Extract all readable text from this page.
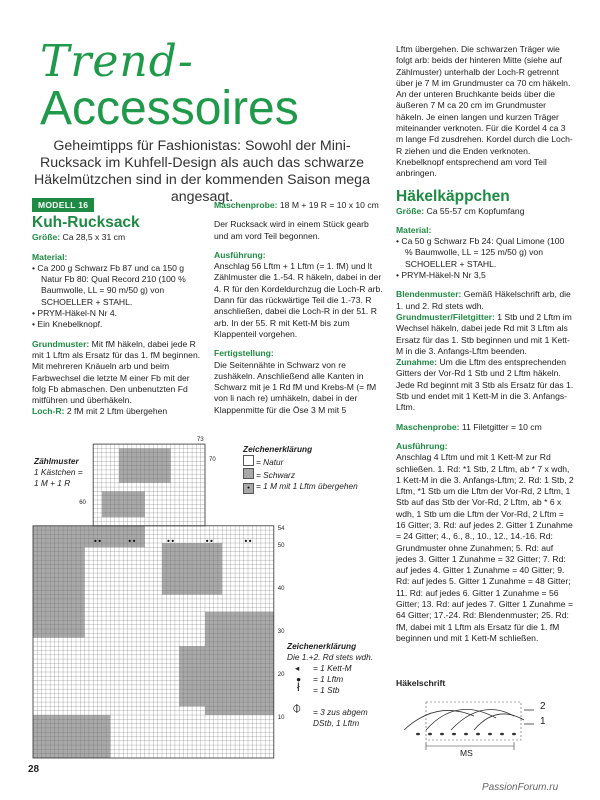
Trend-
Accessoires
Geheimtipps für Fashionistas: Sowohl der Mini-Rucksack im Kuhfell-Design als auch das schwarze Häkelmützchen sind in der kommenden Saison mega angesagt.
MODELL 16
Kuh-Rucksack

Größe: Ca 28,5 x 31 cm

Material:

• Ca 200 g Schwarz Fb 87 und ca 150 g Natur Fb 80: Qual Record 210 (100 % Baumwolle, LL = 90 m/50 g) von SCHOELLER + STAHL.

• PRYM-Häkel-N Nr 4.

• Ein Knebelknopf.

Grundmuster: Mit fM häkeln, dabei jede R mit 1 Lftm als Ersatz für das 1. fM beginnen. Mit mehreren Knäueln arb und beim Farbwechsel die letzte M einer Fb mit der folg Fb abmaschen. Den unbenutzten Fd mitführen und überhäkeln.

Loch-R: 2 fM mit 2 Lftm übergehen

Maschenprobe: 18 M + 19 R = 10 x 10 cm

Der Rucksack wird in einem Stück gearb und am vord Teil begonnen.

Ausführung:

Anschlag 56 Lftm + 1 Lftm (= 1. fM) und lt Zählmuster die 1.-54. R häkeln, dabei in der 4. R für den Kordeldurchzug die Loch-R arb. Dann für das rückwärtige Teil die 1.-73. R anschließen, dabei die Loch-R in der 51. R arb. In der 55. R mit Kett-M bis zum Klappenteil vorgehen.

Fertigstellung:

Die Seitennähte in Schwarz von re zushäkeln. Anschließend alle Kanten in Schwarz mit je 1 Rd fM und Krebs-M (= fM von li nach re) umhäkeln, dabei in der Klappenmitte für die Öse 3 M mit 5

Lftm übergehen. Die schwarzen Träger wie folgt arb: beids der hinteren Mitte (siehe auf Zählmuster) unterhalb der Loch-R getrennt über je 7 M im Grundmuster ca 70 cm häkeln. An der unteren Bruchkante beids über die äußeren 7 M ca 20 cm im Grundmuster häkeln. Je einen langen und kurzen Träger miteinander verknoten. Für die Kordel 4 ca 3 m lange Fd zusdrehen. Kordel durch die Loch-R ziehen und die Enden verknoten. Knebelknopf entsprechend am vord Teil anbringen.

Häkelkäppchen

Größe: Ca 55-57 cm Kopfumfang

Material:

• Ca 50 g Schwarz Fb 24: Qual Limone (100 % Baumwolle, LL = 125 m/50 g) von SCHOELLER + STAHL.

• PRYM-Häkel-N Nr 3,5

Blendenmuster: Gemäß Häkelschrift arb, die 1. und 2. Rd stets wdh.

Grundmuster/Filetgitter: 1 Stb und 2 Lftm im Wechsel häkeln, dabei jede Rd mit 3 Lftm als Ersatz für das 1. Stb beginnen und mit 1 Kett-M in die 3. Anfangs-Lftm beenden.

Zunahme: Um die Lftm des entsprechenden Gitters der Vor-Rd 1 Stb und 2 Lftm häkeln. Jede Rd beginnt mit 3 Stb als Ersatz für das 1. Stb und endet mit 1 Kett-M in die 3. Anfangs-Lftm.

Maschenprobe: 11 Filetgitter = 10 cm

Ausführung:

Anschlag 4 Lftm und mit 1 Kett-M zur Rd schließen. 1. Rd: *1 Stb, 2 Lftm, ab * 7 x wdh, 1 Kett-M in die 3. Anfangs-Lftm; 2. Rd: 1 Stb, 2 Lftm, *1 Stb um die Lftm der Vor-Rd, 2 Lftm, 1 Stb auf das Stb der Vor-Rd, 2 Lftm, ab * 6 x wdh, 1 Stb um die Lftm der Vor-Rd, 2 Lftm = 16 Gitter; 3. Rd: auf jedes 2. Gitter 1 Zunahme = 24 Gitter; 4., 6., 8., 10., 12., 14.-16. Rd: Grundmuster ohne Zunahmen; 5. Rd: auf jedes 3. Gitter 1 Zunahme = 32 Gitter; 7. Rd: auf jedes 4. Gitter 1 Zunahme = 40 Gitter; 9. Rd: auf jedes 5. Gitter 1 Zunahme = 48 Gitter; 11. Rd: auf jedes 6. Gitter 1 Zunahme = 56 Gitter; 13. Rd: auf jedes 7. Gitter 1 Zunahme = 64 Gitter; 17.-24. Rd: Blendenmuster; 25. Rd: fM, dabei mit 1 Lftm als Ersatz für die 1. fM beginnen und mit 1 Kett-M schließen.

Häkelschrift
2
1
MS
Zählmuster
1 Kästchen =
1 M + 1 R
73
70
60
54
50
40
30
20
10
Zeichenerklärung
= Natur
= Schwarz
• = 1 M mit 1 Lftm übergehen
Zeichenerklärung
Die 1.+2. Rd stets wdh.
◂ = 1 Kett-M
● = 1 Lftm
ł = 1 Stb
⌽ = 3 zus abgem DStb, 1 Lftm
28
PassionForum.ru
